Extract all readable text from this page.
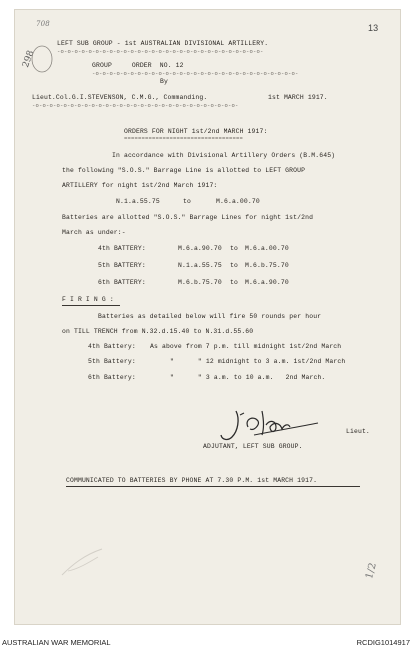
13
708
298
LEFT SUB GROUP - 1st AUSTRALIAN DIVISIONAL ARTILLERY.
-o-o-o-o-o-o-o-o-o-o-o-o-o-o-o-o-o-o-o-o-o-o-o-o-o-o-o-o-o-
GROUP     ORDER  NO. 12
-o-o-o-o-o-o-o-o-o-o-o-o-o-o-o-o-o-o-o-o-o-o-o-o-o-o-o-o-o-
By
Lieut.Col.G.I.STEVENSON, C.M.G., Commanding.	1st MARCH 1917.
-o-o-o-o-o-o-o-o-o-o-o-o-o-o-o-o-o-o-o-o-o-o-o-o-o-o-o-o-o-
ORDERS FOR NIGHT 1st/2nd MARCH 1917:
==================================
In accordance with Divisional Artillery Orders (B.M.645)
the following "S.O.S." Barrage Line is allotted to LEFT GROUP
ARTILLERY for night 1st/2nd March 1917:
N.1.a.55.75	to	M.6.a.00.70
Batteries are allotted "S.O.S." Barrage Lines for night 1st/2nd
March as under:-
4th BATTERY:	M.6.a.90.70 to M.6.a.00.70
5th BATTERY:	N.1.a.55.75 to M.6.b.75.70
6th BATTERY:	M.6.b.75.70 to M.6.a.90.70
F I R I N G :
Batteries as detailed below will fire 50 rounds per hour
on TILL TRENCH from N.32.d.15.40 to N.31.d.55.60
4th Battery: As above from 7 p.m. till midnight 1st/2nd March
5th Battery:	"      " 12 midnight to 3 a.m. 1st/2nd March
6th Battery:	"      " 3 a.m. to 10 a.m.   2nd March.
Lieut.
ADJUTANT, LEFT SUB GROUP.
COMMUNICATED TO BATTERIES BY PHONE AT 7.30 P.M. 1st MARCH 1917.
1/2
AUSTRALIAN WAR MEMORIAL	RCDIG1014917
